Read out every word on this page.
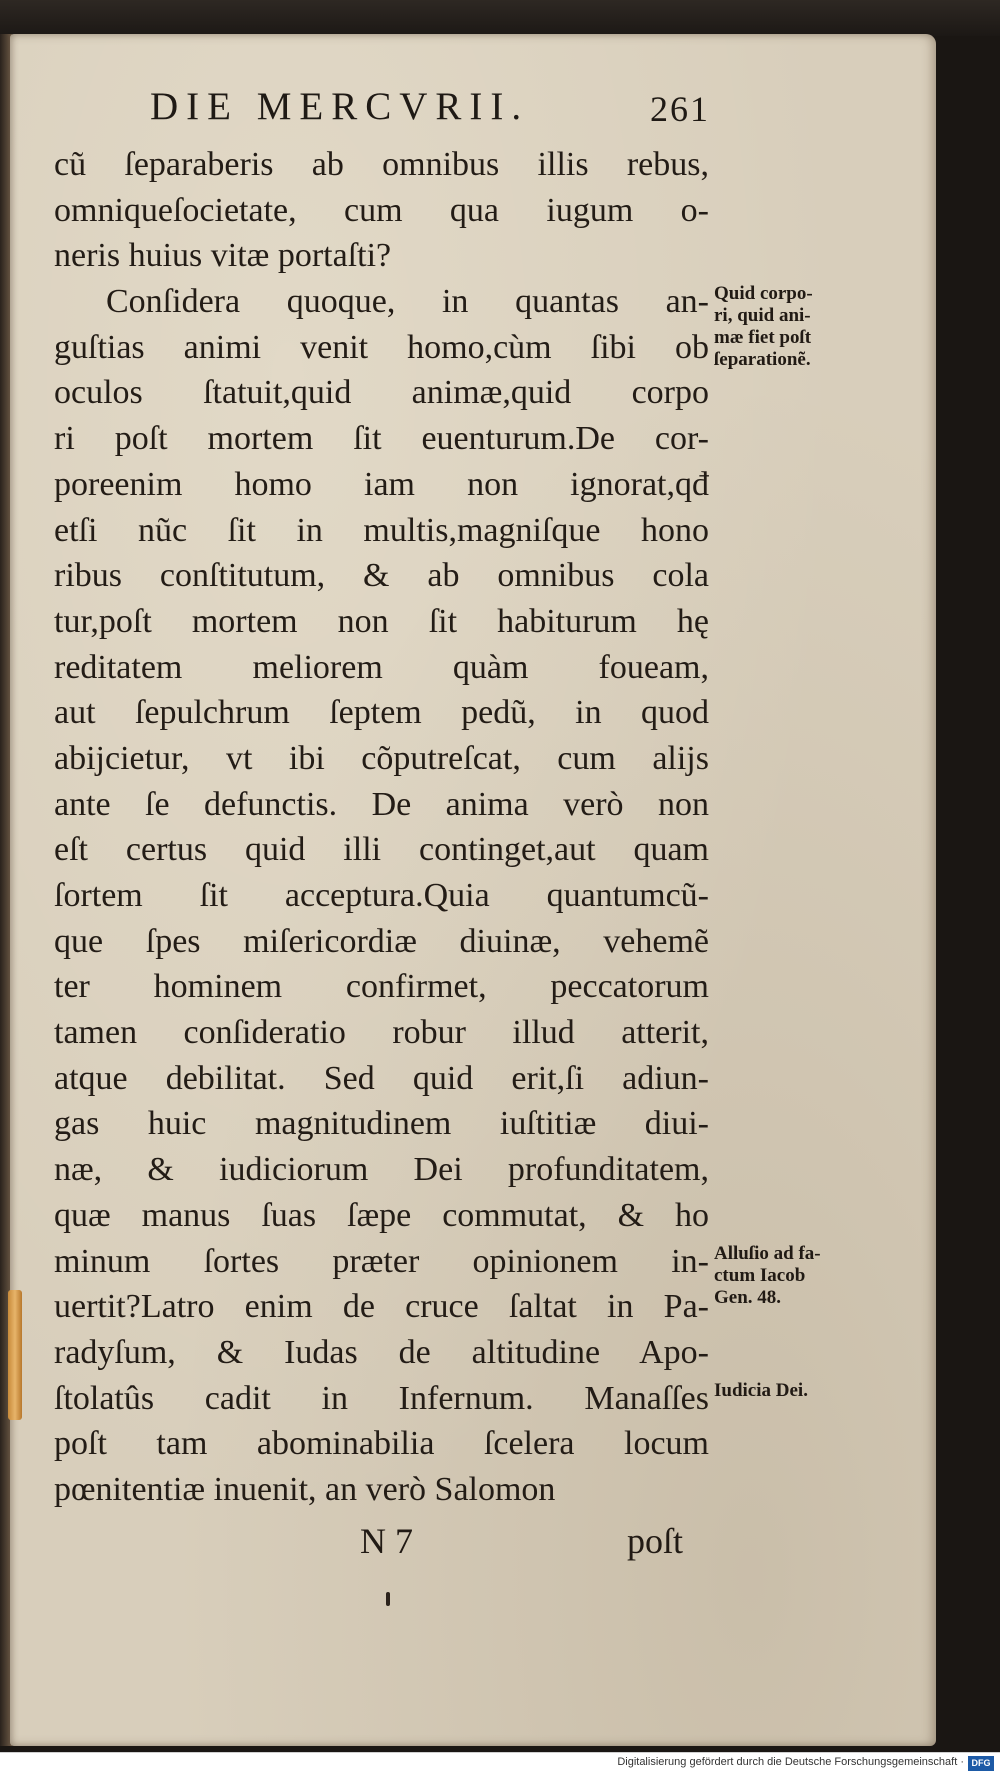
DIE MERCVRII.	261
cũ ſeparaberis ab omnibus illis rebus,
omniqueſocietate, cum qua iugum o-
neris huius vitæ portaſti?
Conſidera quoque, in quantas an-
guſtias animi venit homo,cùm ſibi ob
oculos ſtatuit,quid animæ,quid corpo
ri poſt mortem ſit euenturum.De cor-
poreenim homo iam non ignorat,qđ
etſi nũc ſit in multis,magniſque hono
ribus conſtitutum, & ab omnibus cola
tur,poſt mortem non ſit habiturum hę
reditatem meliorem quàm foueam,
aut ſepulchrum ſeptem pedũ, in quod
abijcietur, vt ibi cõputreſcat, cum alijs
ante ſe defunctis. De anima verò non
eſt certus quid illi continget,aut quam
ſortem ſit acceptura.Quia quantumcũ-
que ſpes miſericordiæ diuinæ, vehemẽ
ter hominem confirmet, peccatorum
tamen conſideratio robur illud atterit,
atque debilitat. Sed quid erit,ſi adiun-
gas huic magnitudinem iuſtitiæ diui-
næ, & iudiciorum Dei profunditatem,
quæ manus ſuas ſæpe commutat, & ho
minum ſortes præter opinionem in-
uertit?Latro enim de cruce ſaltat in Pa-
radyſum, & Iudas de altitudine Apo-
ſtolatûs cadit in Infernum. Manaſſes
poſt tam abominabilia ſcelera locum
pœnitentiæ inuenit, an verò Salomon
Quid corpo-
ri, quid ani-
mæ fiet poſt
ſeparationẽ.
Alluſio ad fa-
ctum Iacob
Gen. 48.
Iudicia Dei.
N 7	poſt
Digitalisierung gefördert durch die Deutsche Forschungsgemeinschaft · DFG
